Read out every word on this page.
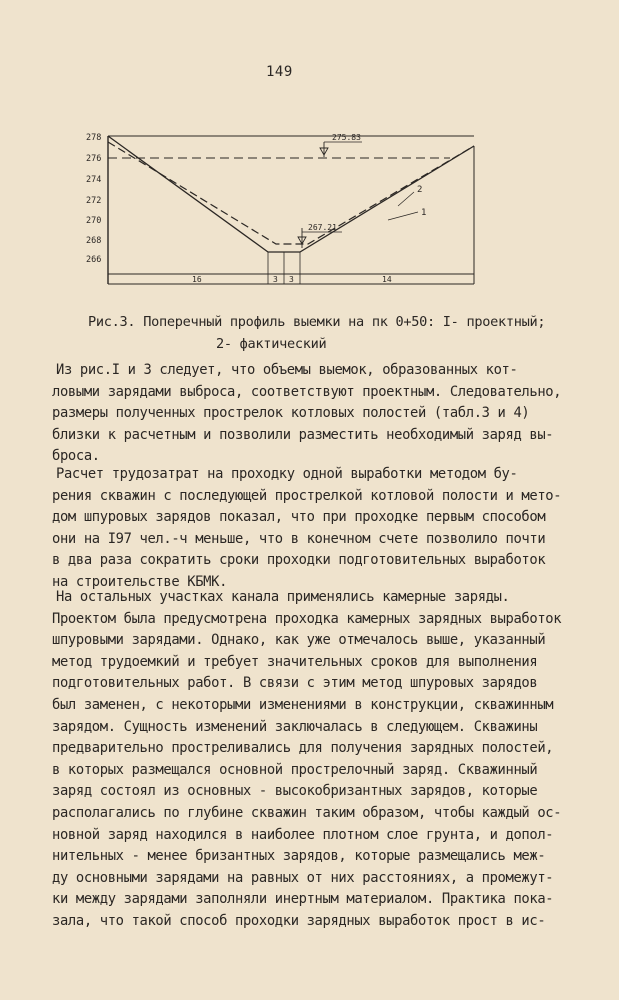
149
278
276
274
272
270
268
266
275.83
267.21
2
1
16	3 3	14
Рис.3. Поперечный профиль выемки на пк 0+50: I- проектный;
2- фактический
Из рис.I и 3 следует, что объемы выемок, образованных кот-
ловыми зарядами выброса, соответствуют проектным. Следовательно,
размеры полученных прострелок котловых полостей (табл.3 и 4)
близки к расчетным и позволили разместить необходимый заряд вы-
броса.
Расчет трудозатрат на проходку одной выработки методом бу-
рения скважин с последующей прострелкой котловой полости и мето-
дом шпуровых зарядов показал, что при проходке первым способом
они на I97 чел.-ч меньше, что в конечном счете позволило почти
в два раза сократить сроки проходки подготовительных выработок
на строительстве КБМК.
На остальных участках канала применялись камерные заряды.
Проектом была предусмотрена проходка камерных зарядных выработок
шпуровыми зарядами. Однако, как уже отмечалось выше, указанный
метод трудоемкий и требует значительных сроков для выполнения
подготовительных работ. В связи с этим метод шпуровых зарядов
был заменен, с некоторыми изменениями в конструкции, скважинным
зарядом. Сущность изменений заключалась в следующем. Скважины
предварительно прострeливались для получения зарядных полостей,
в которых размещался основной прострелочный заряд. Скважинный
заряд состоял из основных - высокобризантных зарядов, которые
располагались по глубине скважин таким образом, чтобы каждый ос-
новной заряд находился в наиболее плотном слое грунта, и допол-
нительных - менее бризантных зарядов, которые размещались меж-
ду основными зарядами на равных от них расстояниях, а промежут-
ки между зарядами заполняли инертным материалом. Практика пока-
зала, что такой способ проходки зарядных выработок прост в ис-
